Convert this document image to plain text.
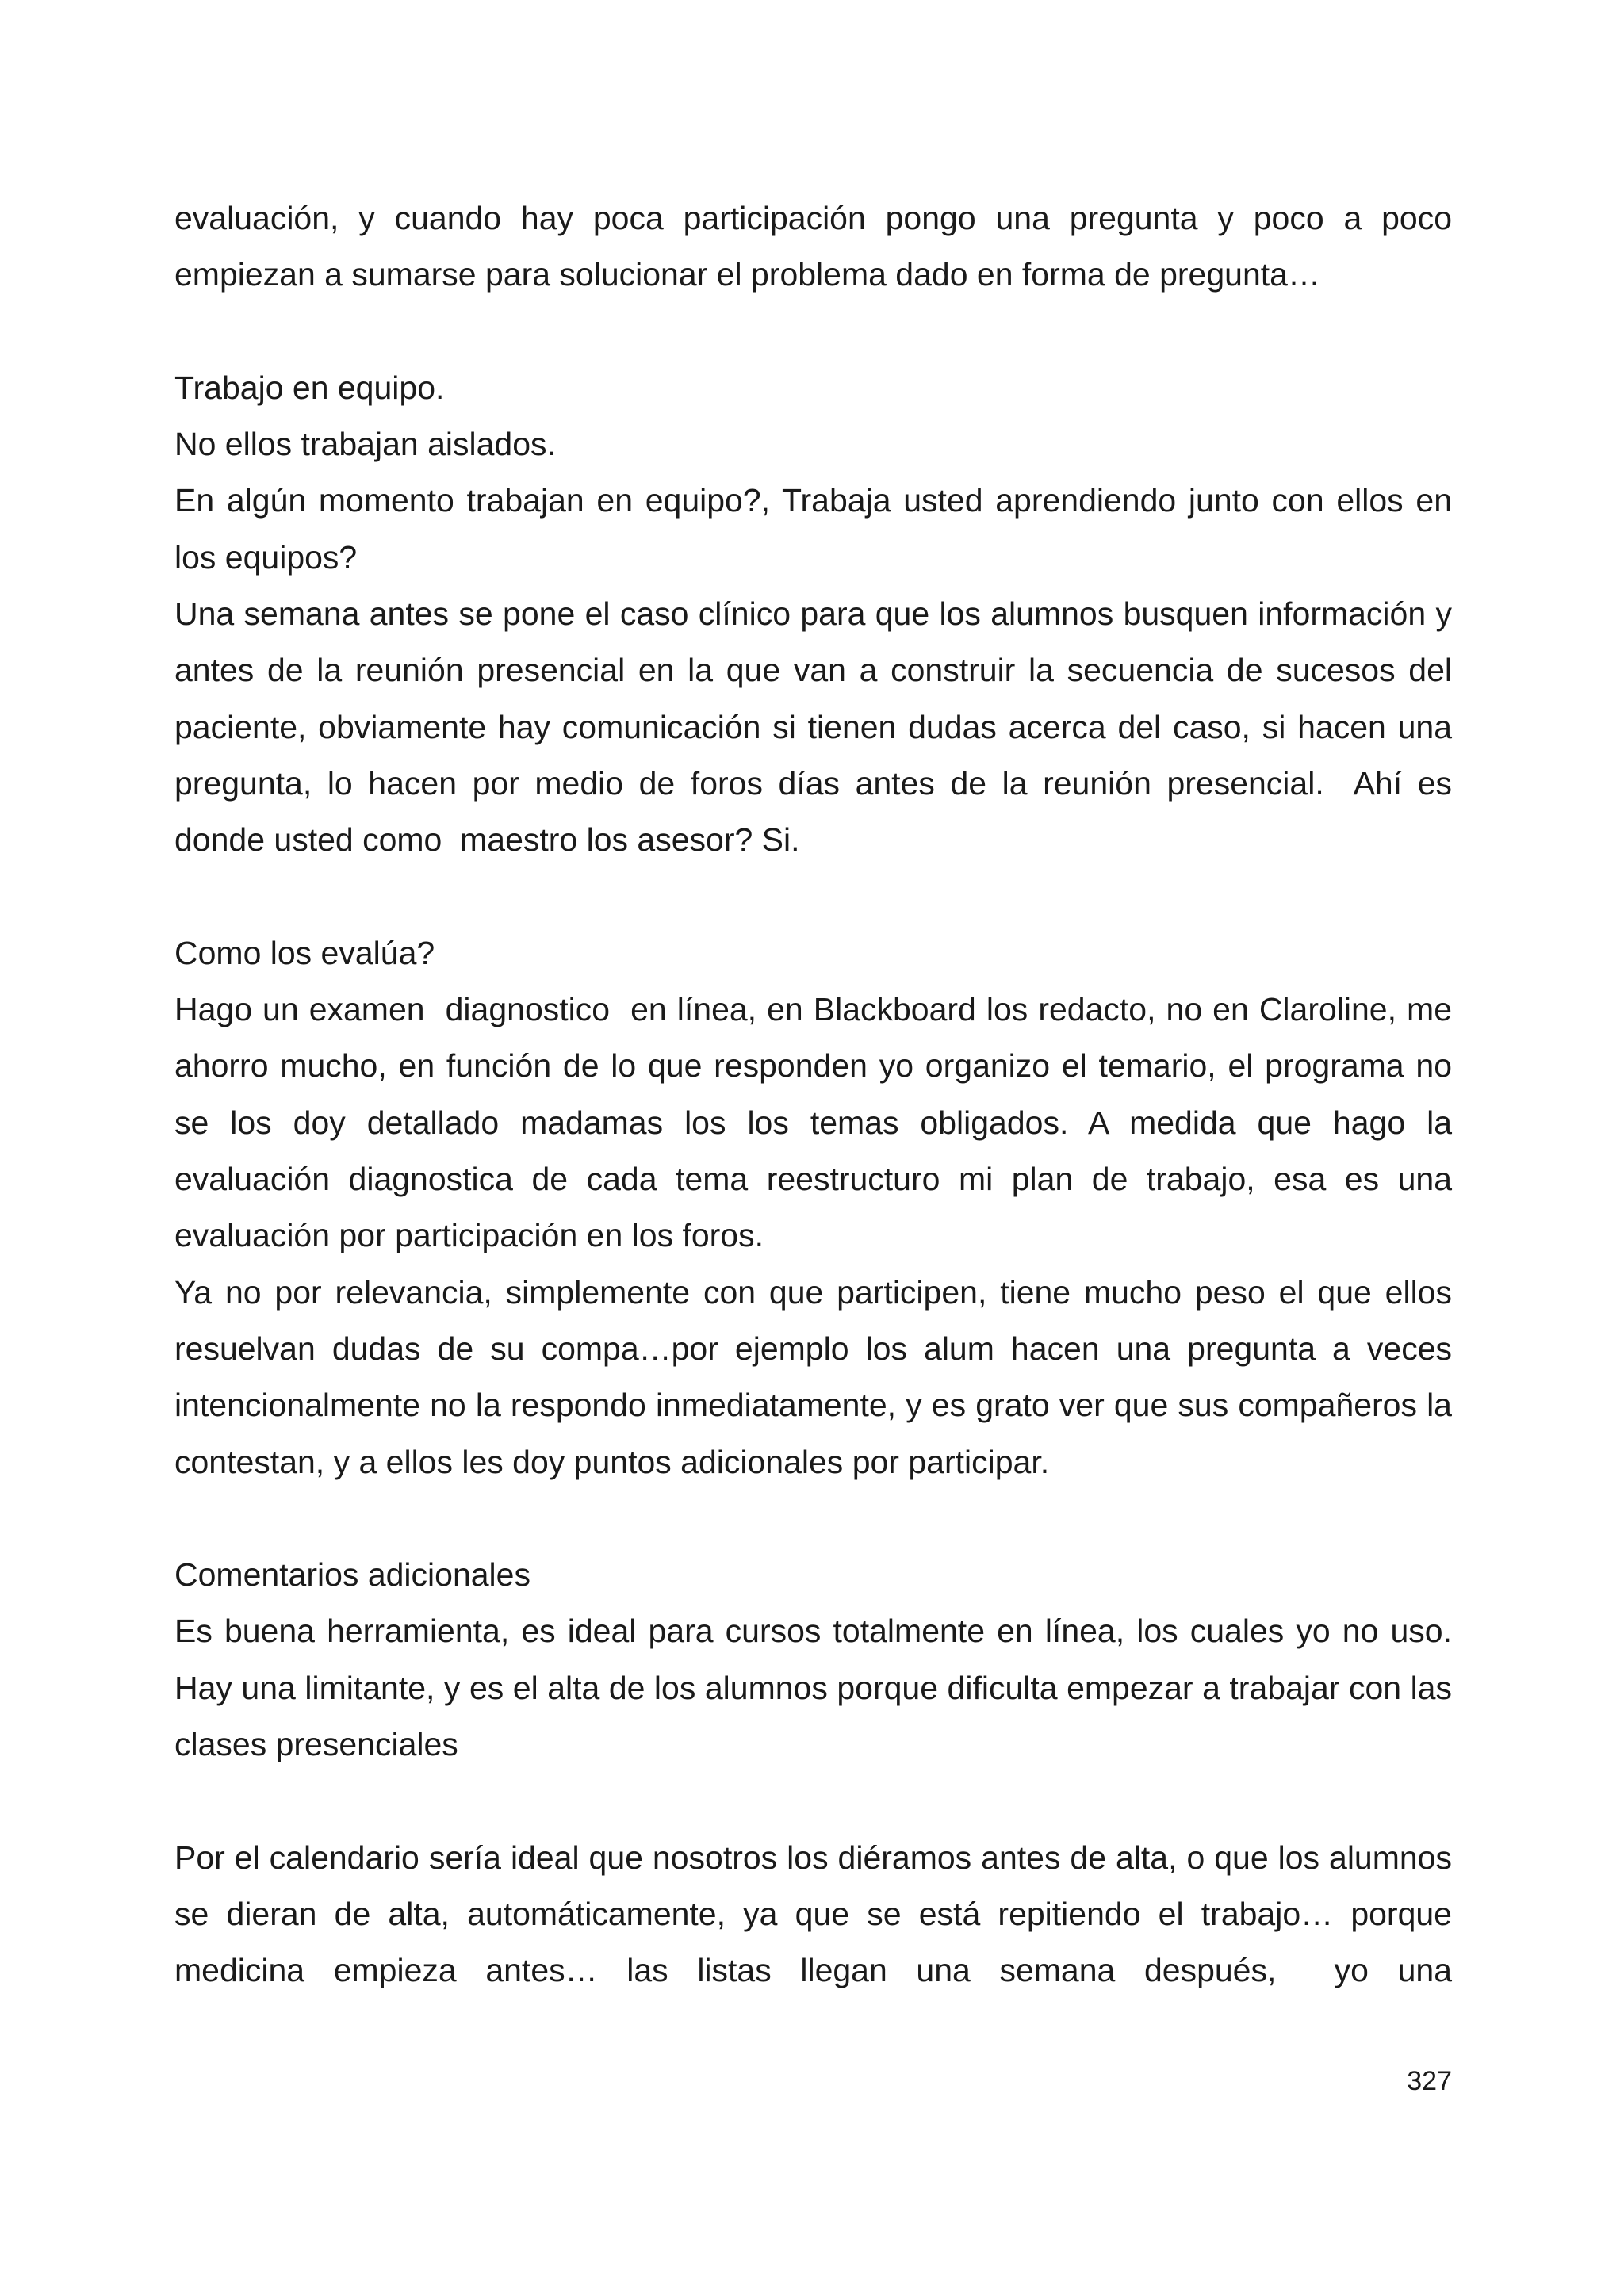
evaluación, y cuando hay poca participación pongo una pregunta y poco a poco empiezan a sumarse para solucionar el problema dado en forma de pregunta…

Trabajo en equipo.

No ellos trabajan aislados.

En algún momento trabajan en equipo?, Trabaja usted aprendiendo junto con ellos en los equipos?

Una semana antes se pone el caso clínico para que los alumnos busquen información y antes de la reunión presencial en la que van a construir la secuencia de sucesos del paciente, obviamente hay comunicación si tienen dudas acerca del caso, si hacen una pregunta, lo hacen por medio de foros días antes de la reunión presencial.  Ahí es donde usted como  maestro los asesor? Si.

Como los evalúa?

Hago un examen  diagnostico  en línea, en Blackboard los redacto, no en Claroline, me ahorro mucho, en función de lo que responden yo organizo el temario, el programa no se los doy detallado madamas los los temas obligados. A medida que hago la evaluación diagnostica de cada tema reestructuro mi plan de trabajo, esa es una evaluación por participación en los foros.

Ya no por relevancia, simplemente con que participen, tiene mucho peso el que ellos resuelvan dudas de su compa…por ejemplo los alum hacen una pregunta a veces intencionalmente no la respondo inmediatamente, y es grato ver que sus compañeros la contestan, y a ellos les doy puntos adicionales por participar.

Comentarios adicionales

Es buena herramienta, es ideal para cursos totalmente en línea, los cuales yo no uso. Hay una limitante, y es el alta de los alumnos porque dificulta empezar a trabajar con las clases presenciales

Por el calendario sería ideal que nosotros los diéramos antes de alta, o que los alumnos se dieran de alta, automáticamente, ya que se está repitiendo el trabajo… porque medicina empieza antes… las listas llegan una semana después,  yo una

327
